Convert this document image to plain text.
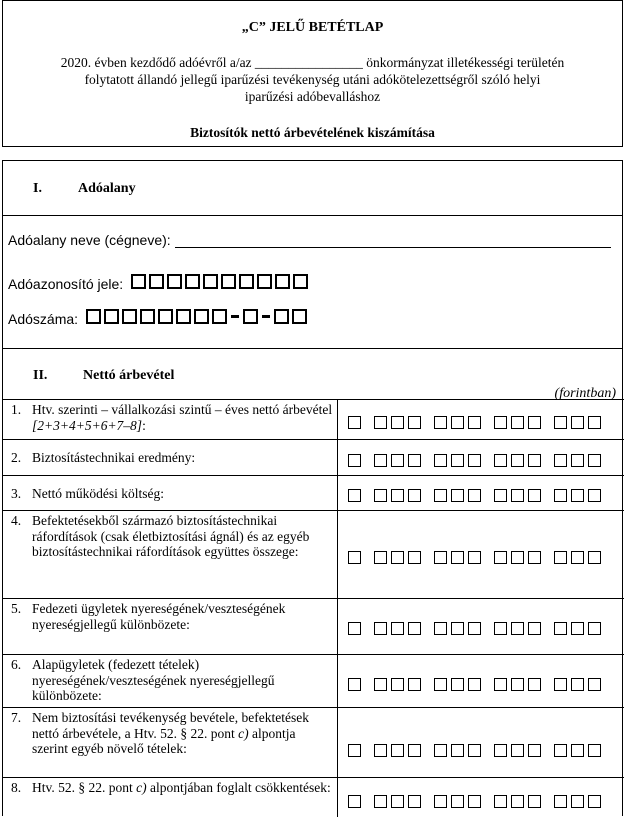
„C” JELŰ BETÉTLAP
2020. évben kezdődő adóévről a/az ________________ önkormányzat illetékességi területén
folytatott állandó jellegű iparűzési tevékenység utáni adókötelezettségről szóló helyi
iparűzési adóbevalláshoz
Biztosítók nettó árbevételének kiszámítása
I.	Adóalany
Adóalany neve (cégneve):
Adóazonosító jele:
Adószáma:
II.	Nettó árbevétel
(forintban)
1. Htv. szerinti – vállalkozási szintű – éves nettó árbevétel [2+3+4+5+6+7–8]:
2. Biztosítástechnikai eredmény:
3. Nettó működési költség:
4. Befektetésekből származó biztosítástechnikai ráfordítások (csak életbiztosítási ágnál) és az egyéb biztosítástechnikai ráfordítások együttes összege:
5. Fedezeti ügyletek nyereségének/veszteségének nyereségjellegű különbözete:
6. Alapügyletek (fedezett tételek) nyereségének/veszteségének nyereségjellegű különbözete:
7. Nem biztosítási tevékenység bevétele, befektetések nettó árbevétele, a Htv. 52. § 22. pont c) alpontja szerint egyéb növelő tételek:
8. Htv. 52. § 22. pont c) alpontjában foglalt csökkentések:
